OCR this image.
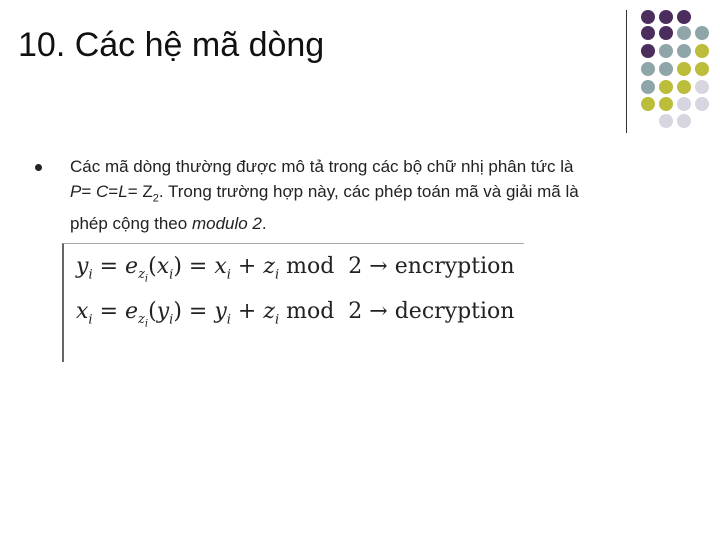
10. Các hệ mã dòng
Các mã dòng thường được mô tả trong các bộ chữ nhị phân tức là
$P= C=L= Z_2$. Trong trường hợp này, các phép toán mã và giải mã là
phép cộng theo modulo 2.
$y_i = e_{z_i}(x_i) = x_i + z_i$ mod  2 → encryption
$x_i = e_{z_i}(y_i) = y_i + z_i$ mod  2 → decryption
